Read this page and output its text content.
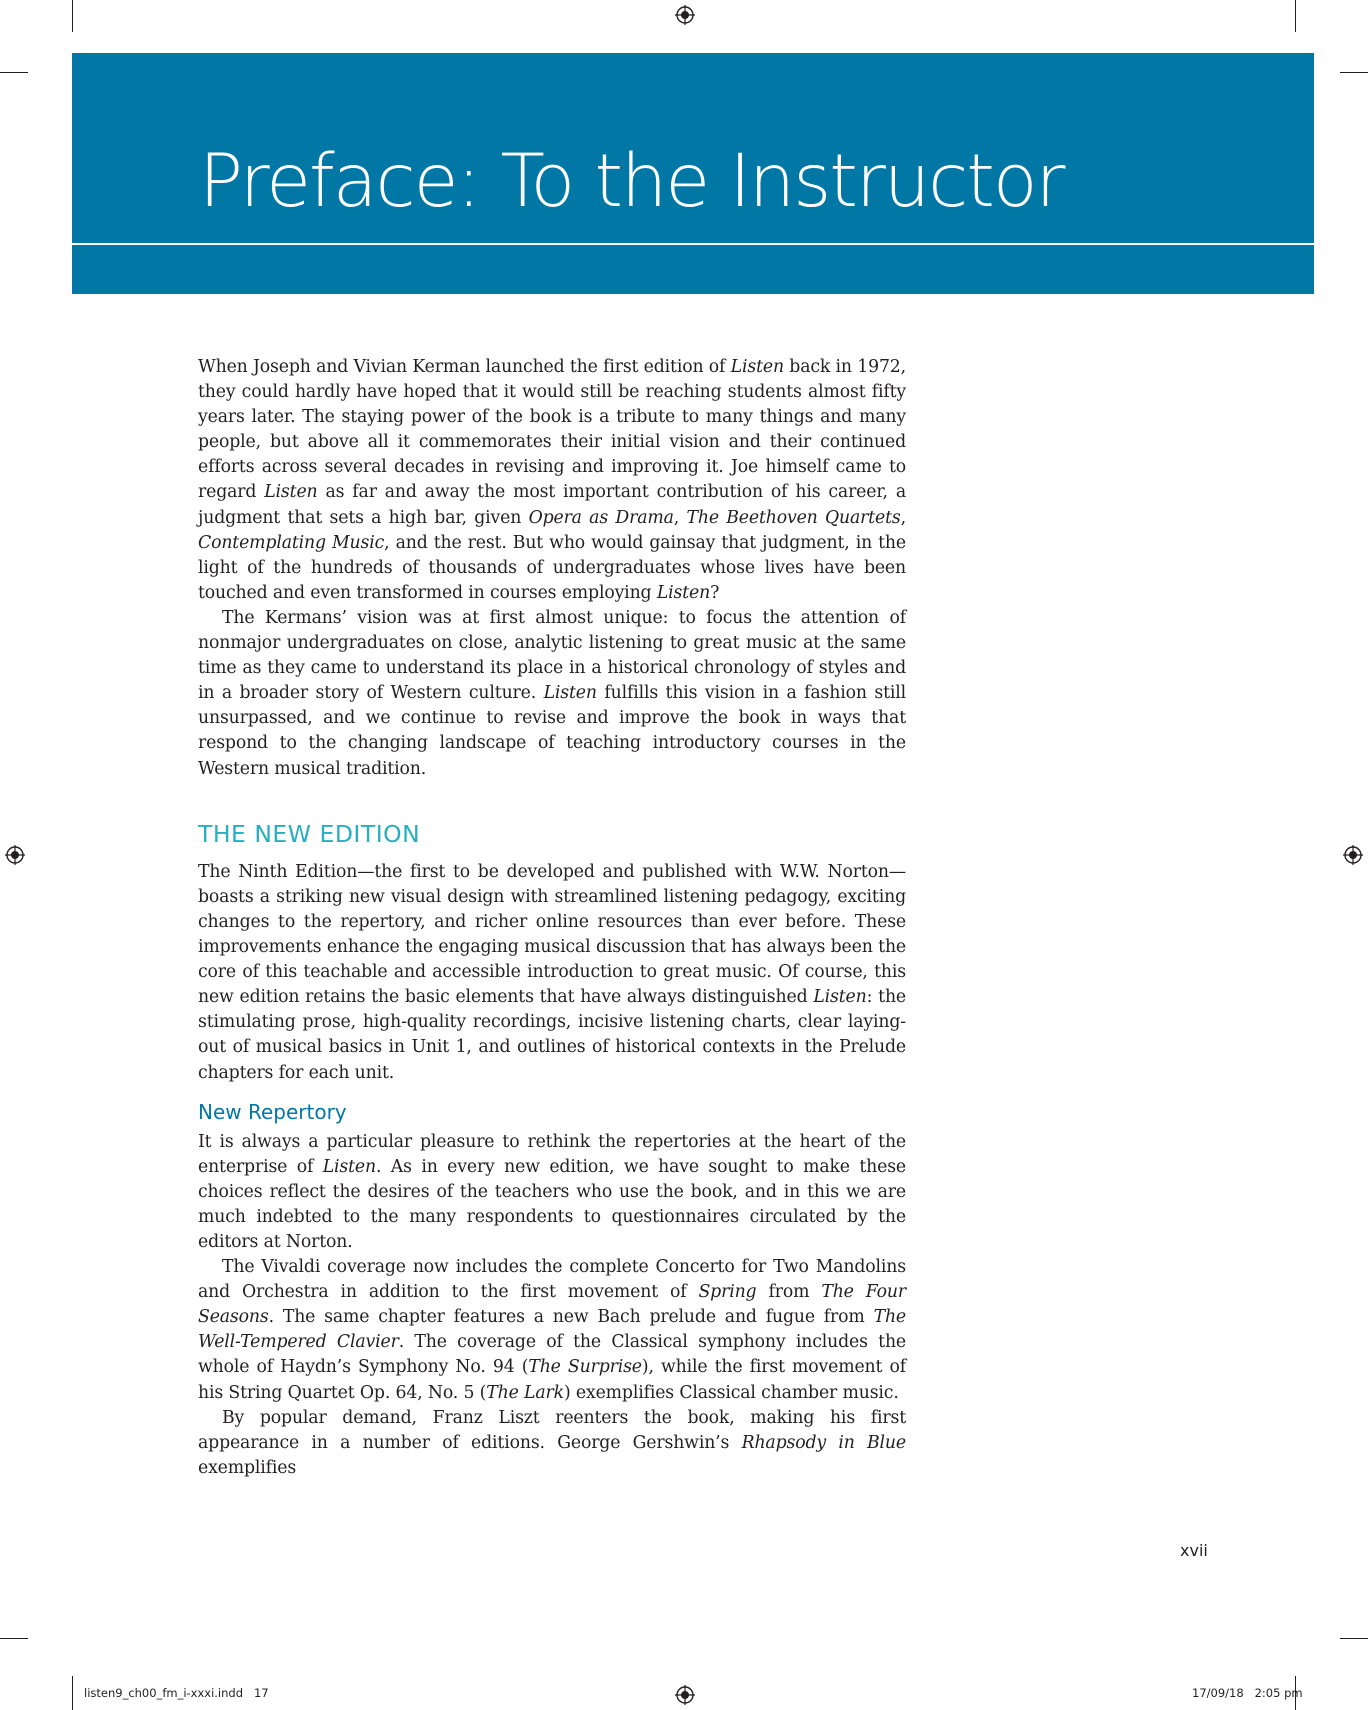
Preface: To the Instructor

When Joseph and Vivian Kerman launched the first edition of Listen back in 1972, they could hardly have hoped that it would still be reaching students almost fifty years later. The staying power of the book is a tribute to many things and many people, but above all it commemorates their initial vision and their continued efforts across several decades in revising and improving it. Joe himself came to regard Listen as far and away the most important contribution of his career, a judgment that sets a high bar, given Opera as Drama, The Beethoven Quartets, Contemplating Music, and the rest. But who would gainsay that judgment, in the light of the hundreds of thousands of undergraduates whose lives have been touched and even transformed in courses employing Listen?

The Kermans’ vision was at first almost unique: to focus the attention of nonmajor undergraduates on close, analytic listening to great music at the same time as they came to understand its place in a historical chronology of styles and in a broader story of Western culture. Listen fulfills this vision in a fashion still unsurpassed, and we continue to revise and improve the book in ways that respond to the changing landscape of teaching introductory courses in the Western musical tradition.

THE NEW EDITION

The Ninth Edition—the first to be developed and published with W.W. Norton—boasts a striking new visual design with streamlined listening pedagogy, exciting changes to the repertory, and richer online resources than ever before. These improvements enhance the engaging musical discussion that has always been the core of this teachable and accessible introduction to great music. Of course, this new edition retains the basic elements that have always distinguished Listen: the stimulating prose, high-quality recordings, incisive listening charts, clear laying-out of musical basics in Unit 1, and outlines of historical contexts in the Prelude chapters for each unit.

New Repertory

It is always a particular pleasure to rethink the repertories at the heart of the enterprise of Listen. As in every new edition, we have sought to make these choices reflect the desires of the teachers who use the book, and in this we are much indebted to the many respondents to questionnaires circulated by the editors at Norton.

The Vivaldi coverage now includes the complete Concerto for Two Mandolins and Orchestra in addition to the first movement of Spring from The Four Seasons. The same chapter features a new Bach prelude and fugue from The Well-Tempered Clavier. The coverage of the Classical symphony includes the whole of Haydn’s Symphony No. 94 (The Surprise), while the first movement of his String Quartet Op. 64, No. 5 (The Lark) exemplifies Classical chamber music.

By popular demand, Franz Liszt reenters the book, making his first appearance in a number of editions. George Gershwin’s Rhapsody in Blue exemplifies

xvii
listen9_ch00_fm_i-xxxi.indd   17	17/09/18   2:05 pm
